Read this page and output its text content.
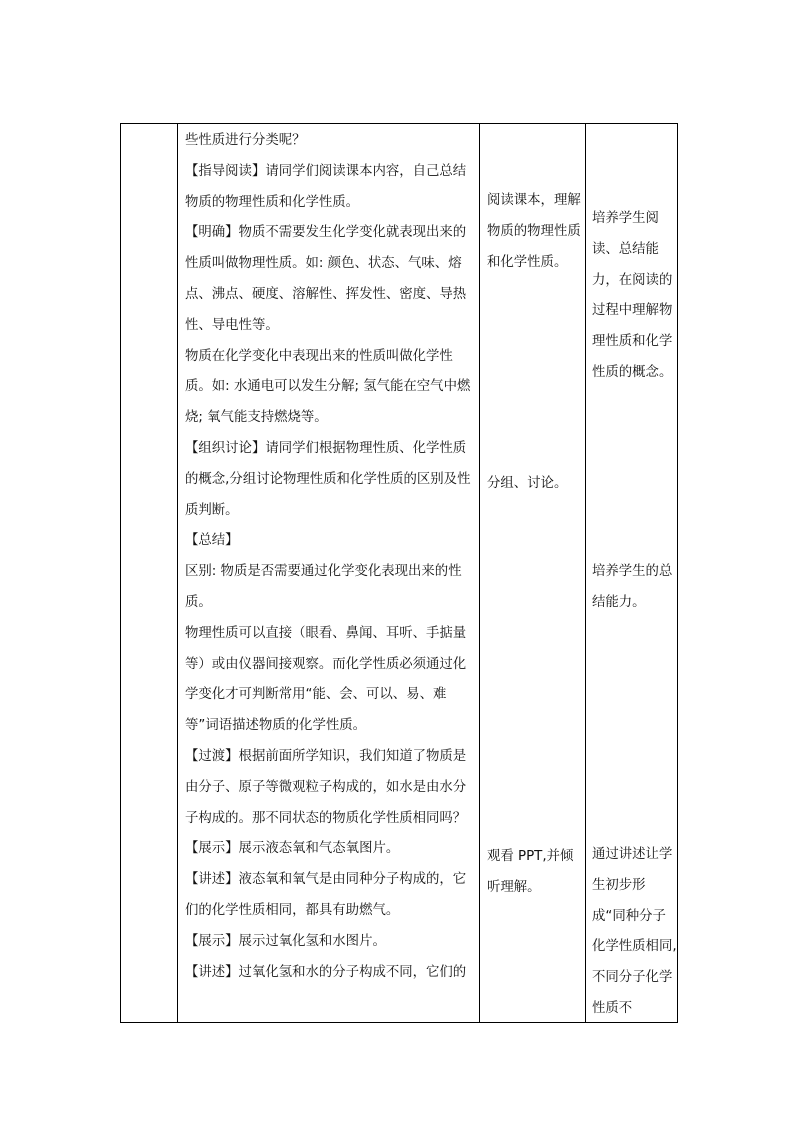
些性质进行分类呢？
【指导阅读】请同学们阅读课本内容，自己总结物质的物理性质和化学性质。
【明确】物质不需要发生化学变化就表现出来的性质叫做物理性质。如: 颜色、状态、气味、熔点、沸点、硬度、溶解性、挥发性、密度、导热性、导电性等。
物质在化学变化中表现出来的性质叫做化学性质。如: 水通电可以发生分解; 氢气能在空气中燃烧; 氧气能支持燃烧等。
【组织讨论】请同学们根据物理性质、化学性质的概念,分组讨论物理性质和化学性质的区别及性质判断。
【总结】
区别: 物质是否需要通过化学变化表现出来的性质。
物理性质可以直接（眼看、鼻闻、耳听、手掂量等）或由仪器间接观察。而化学性质必须通过化学变化才可判断常用“能、会、可以、易、难等”词语描述物质的化学性质。
【过渡】根据前面所学知识，我们知道了物质是由分子、原子等微观粒子构成的，如水是由水分子构成的。那不同状态的物质化学性质相同吗？
【展示】展示液态氧和气态氧图片。
【讲述】液态氧和氧气是由同种分子构成的，它们的化学性质相同，都具有助燃气。
【展示】展示过氧化氢和水图片。
【讲述】过氧化氢和水的分子构成不同，它们的
阅读课本，理解物质的物理性质和化学性质。
分组、讨论。
观看 PPT,并倾听理解。
培养学生阅读、总结能力，在阅读的过程中理解物理性质和化学性质的概念。
培养学生的总结能力。
通过讲述让学生初步形成“同种分子化学性质相同,不同分子化学性质不
